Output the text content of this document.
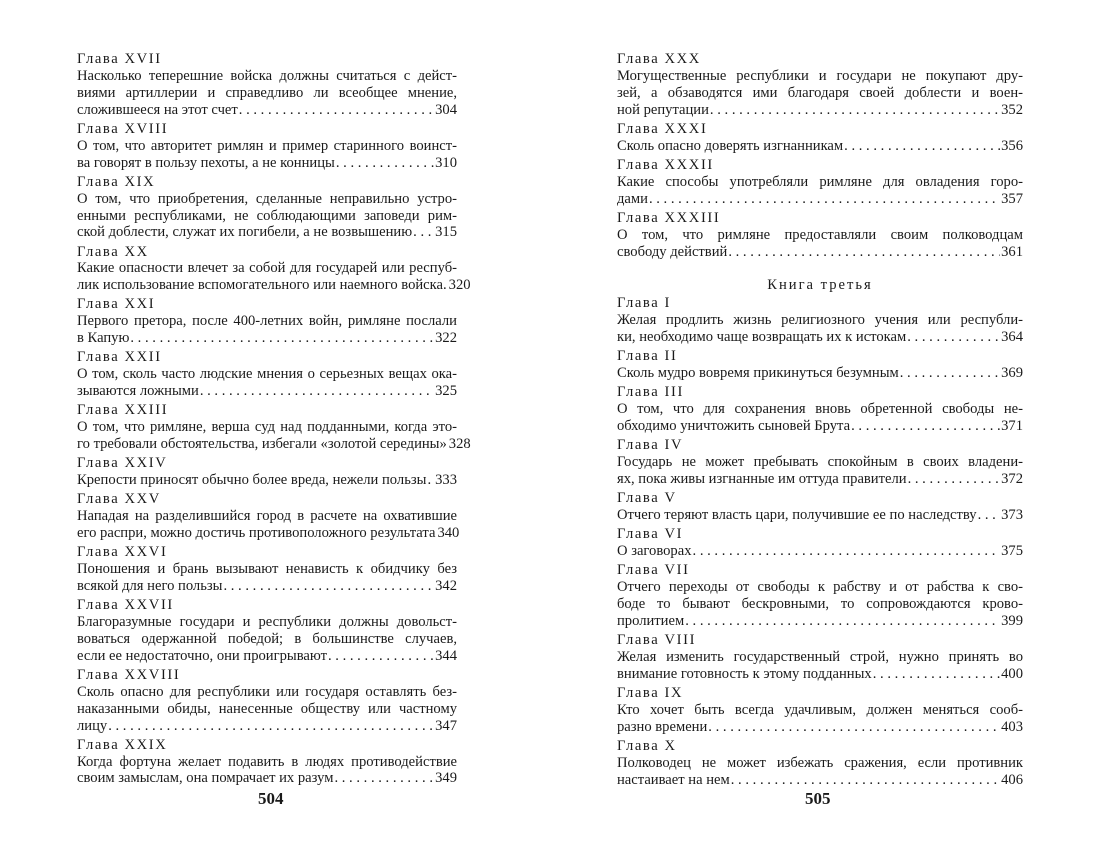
Глава XVII
Насколько теперешние войска должны считаться с дейст-
виями артиллерии и справедливо ли всеобщее мнение,
сложившееся на этот счет . . .	304
Глава XVIII
О том, что авторитет римлян и пример старинного воинст-
ва говорят в пользу пехоты, а не конницы . . .	310
Глава XIX
О том, что приобретения, сделанные неправильно устро-
енными республиками, не соблюдающими заповеди рим-
ской доблести, служат их погибели, а не возвышению . . . 315
Глава XX
Какие опасности влечет за собой для государей или респуб-
лик использование вспомогательного или наемного войска. 320
Глава XXI
Первого претора, после 400-летних войн, римляне послали
в Капую . . .	322
Глава XXII
О том, сколь часто людские мнения о серьезных вещах ока-
зываются ложными . . .	325
Глава XXIII
О том, что римляне, верша суд над подданными, когда это-
го требовали обстоятельства, избегали «золотой середины» 328
Глава XXIV
Крепости приносят обычно более вреда, нежели пользы . . . 333
Глава XXV
Нападая на разделившийся город в расчете на охватившие
его распри, можно достичь противоположного результата 340
Глава XXVI
Поношения и брань вызывают ненависть к обидчику без
всякой для него пользы . . .	342
Глава XXVII
Благоразумные государи и республики должны довольст-
воваться одержанной победой; в большинстве случаев,
если ее недостаточно, они проигрывают . . .	344
Глава XXVIII
Сколь опасно для республики или государя оставлять без-
наказанными обиды, нанесенные обществу или частному
лицу . . .	347
Глава XXIX
Когда фортуна желает подавить в людях противодействие
своим замыслам, она помрачает их разум . . .	349
Глава XXX
Могущественные республики и государи не покупают дру-
зей, а обзаводятся ими благодаря своей доблести и воен-
ной репутации . . .	352
Глава XXXI
Сколь опасно доверять изгнанникам . . .	356
Глава XXXII
Какие способы употребляли римляне для овладения горо-
дами . . .	357
Глава XXXIII
О том, что римляне предоставляли своим полководцам
свободу действий . . .	361
Книга третья
Глава I
Желая продлить жизнь религиозного учения или республи-
ки, необходимо чаще возвращать их к истокам . . .	364
Глава II
Сколь мудро вовремя прикинуться безумным . . .	369
Глава III
О том, что для сохранения вновь обретенной свободы не-
обходимо уничтожить сыновей Брута . . .	371
Глава IV
Государь не может пребывать спокойным в своих владени-
ях, пока живы изгнанные им оттуда правители . . .	372
Глава V
Отчего теряют власть цари, получившие ее по наследству . . . 373
Глава VI
О заговорах . . .	375
Глава VII
Отчего переходы от свободы к рабству и от рабства к сво-
боде то бывают бескровными, то сопровождаются крово-
пролитием . . .	399
Глава VIII
Желая изменить государственный строй, нужно принять во
внимание готовность к этому подданных . . .	400
Глава IX
Кто хочет быть всегда удачливым, должен меняться сооб-
разно времени . . .	403
Глава X
Полководец не может избежать сражения, если противник
настаивает на нем . . .	406
504	505
